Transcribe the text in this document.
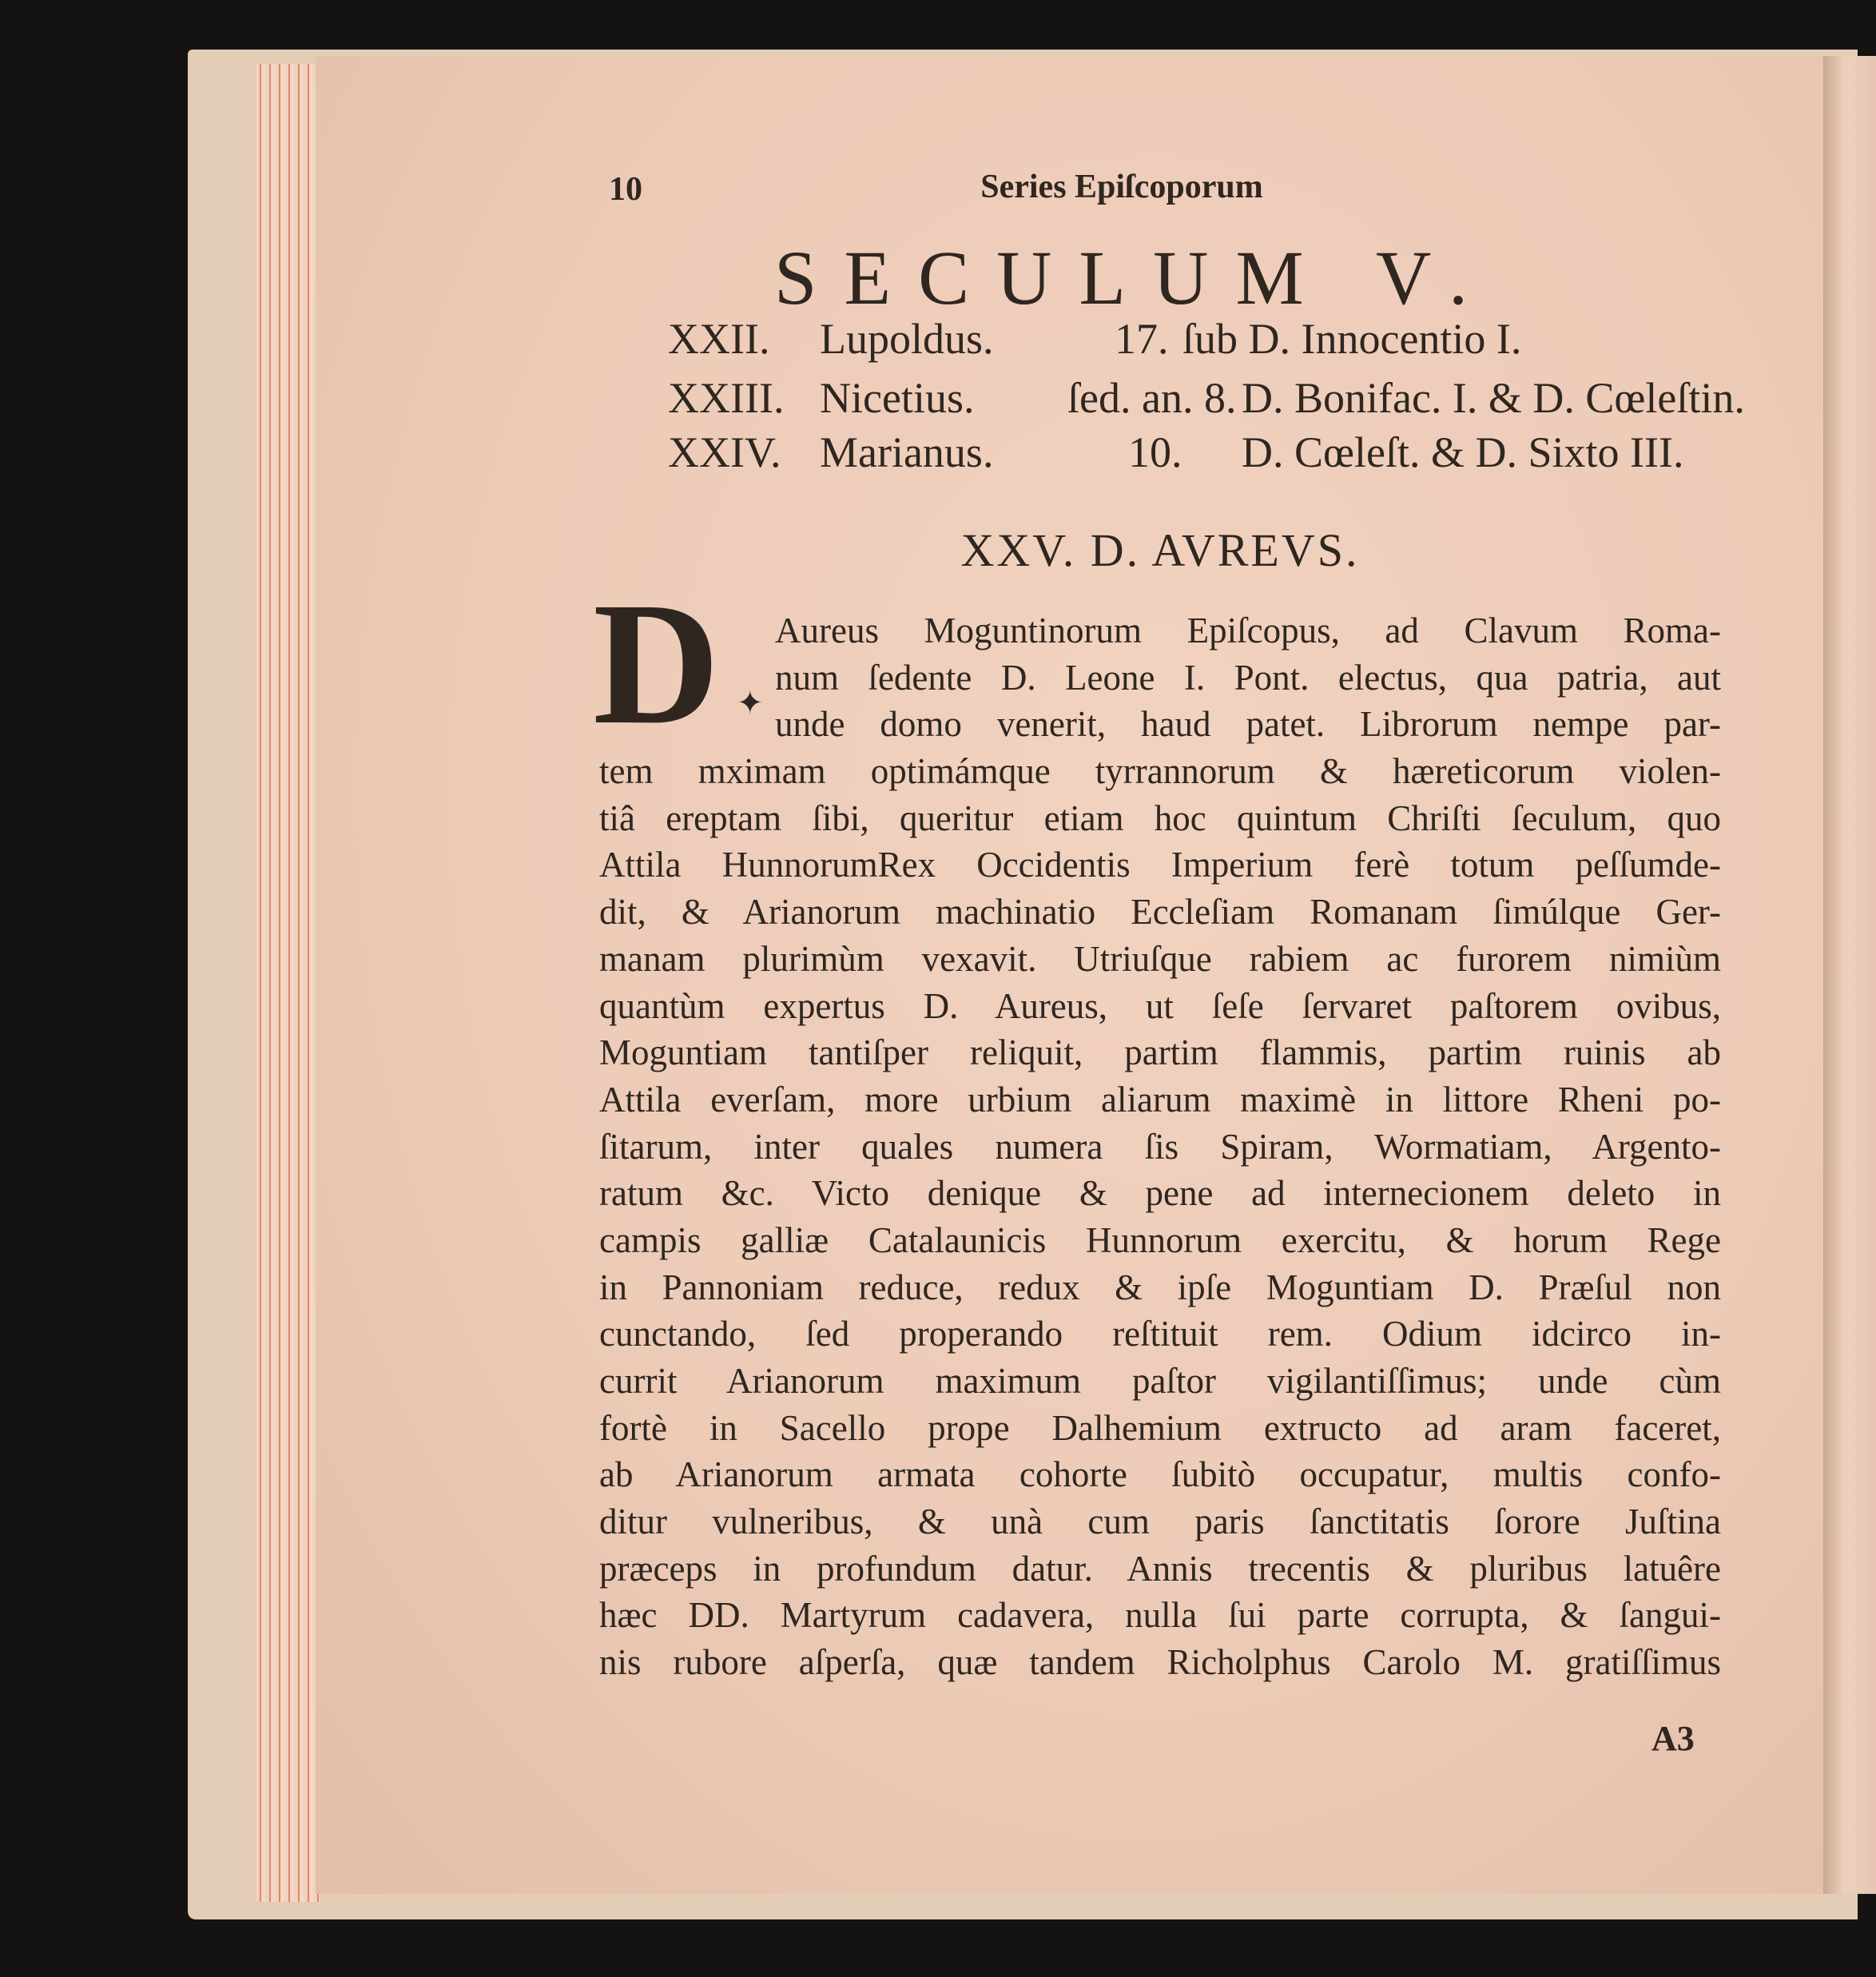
10	Series Epiſcoporum
SECULUM V.
XXII. Lupoldus.	17. ſub D. Innocentio I.
XXIII. Nicetius. ſed. an. 8. D. Bonifac. I. & D. Cœleſtin.
XXIV. Marianus.	10. D. Cœleſt. & D. Sixto III.
XXV. D. AVREVS.
D ✦
Aureus Moguntinorum Epiſcopus, ad Clavum Roma-
num ſedente D. Leone I. Pont. electus, qua patria, aut
unde domo venerit, haud patet. Librorum nempe par-
tem mximam optimámque tyrrannorum & hæreticorum violen-
tiâ ereptam ſibi, queritur etiam hoc quintum Chriſti ſeculum, quo
Attila HunnorumRex Occidentis Imperium ferè totum peſſumde-
dit, & Arianorum machinatio Eccleſiam Romanam ſimúlque Ger-
manam plurimùm vexavit. Utriuſque rabiem ac furorem nimiùm
quantùm expertus D. Aureus, ut ſeſe ſervaret paſtorem ovibus,
Moguntiam tantiſper reliquit, partim flammis, partim ruinis ab
Attila everſam, more urbium aliarum maximè in littore Rheni po-
ſitarum, inter quales numera ſis Spiram, Wormatiam, Argento-
ratum &c. Victo denique & pene ad internecionem deleto in
campis galliæ Catalaunicis Hunnorum exercitu, & horum Rege
in Pannoniam reduce, redux & ipſe Moguntiam D. Præſul non
cunctando, ſed properando reſtituit rem. Odium idcirco in-
currit Arianorum maximum paſtor vigilantiſſimus; unde cùm
fortè in Sacello prope Dalhemium extructo ad aram faceret,
ab Arianorum armata cohorte ſubitò occupatur, multis confo-
ditur vulneribus, & unà cum paris ſanctitatis ſorore Juſtina
præceps in profundum datur. Annis trecentis & pluribus latuêre
hæc DD. Martyrum cadavera, nulla ſui parte corrupta, & ſangui-
nis rubore aſperſa, quæ tandem Richolphus Carolo M. gratiſſimus
A3
